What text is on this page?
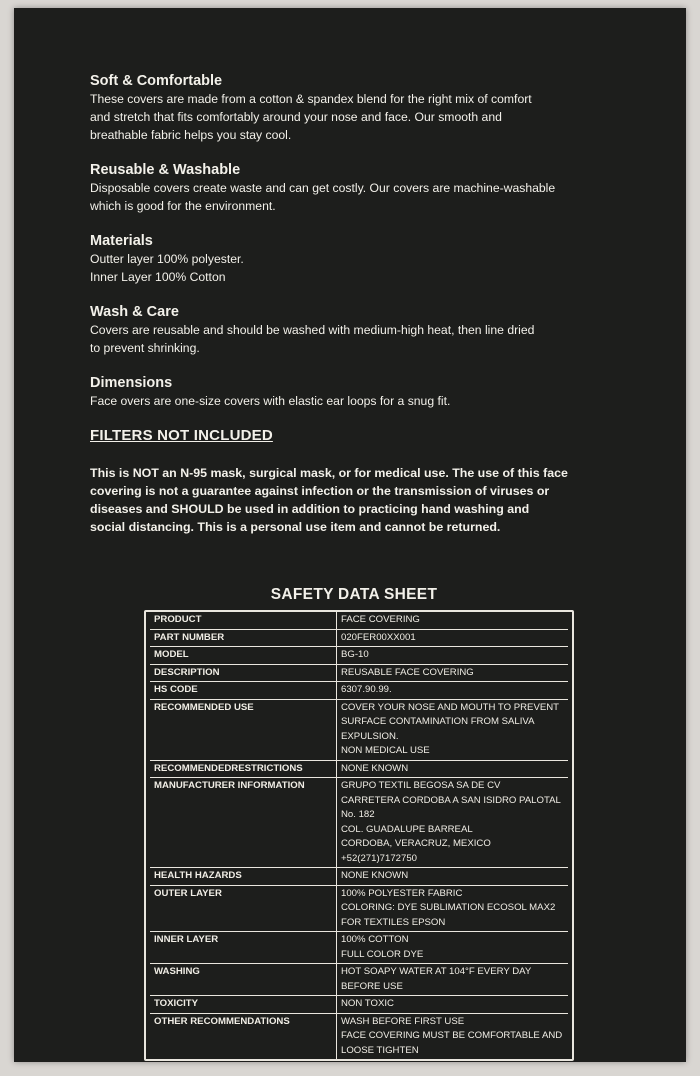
Soft & Comfortable

These covers are made from a cotton & spandex blend for the right mix of comfort
and stretch that fits comfortably around your nose and face. Our smooth and
breathable fabric helps you stay cool.

Reusable & Washable

Disposable covers create waste and can get costly. Our covers are machine-washable
which is good for the environment.

Materials

Outter layer 100% polyester.
Inner Layer 100% Cotton

Wash & Care

Covers are reusable and should be washed with medium-high heat, then line dried
to prevent shrinking.

Dimensions

Face overs are one-size covers with elastic ear loops for a snug fit.

FILTERS NOT INCLUDED
This is NOT an N-95 mask, surgical mask, or for medical use. The use of this face
covering is not a guarantee against infection or the transmission of viruses or
diseases and SHOULD be used in addition to practicing hand washing and
social distancing. This is a personal use item and cannot be returned.
SAFETY DATA SHEET
PRODUCT	FACE COVERING
PART NUMBER	020FER00XX001
MODEL	BG-10
DESCRIPTION	REUSABLE FACE COVERING
HS CODE	6307.90.99.
RECOMMENDED USE	COVER YOUR NOSE AND MOUTH TO PREVENT
SURFACE CONTAMINATION FROM SALIVA
EXPULSION.
NON MEDICAL USE
RECOMMENDEDRESTRICTIONS	NONE KNOWN
MANUFACTURER INFORMATION	GRUPO TEXTIL BEGOSA SA DE CV
CARRETERA CORDOBA A SAN ISIDRO PALOTAL
No. 182
COL. GUADALUPE BARREAL
CORDOBA, VERACRUZ, MEXICO
+52(271)7172750
HEALTH HAZARDS	NONE KNOWN
OUTER LAYER	100% POLYESTER FABRIC
COLORING: DYE SUBLIMATION ECOSOL MAX2
FOR TEXTILES EPSON
INNER LAYER	100% COTTON
FULL COLOR DYE
WASHING	HOT SOAPY WATER AT 104°F EVERY DAY
BEFORE USE
TOXICITY	NON TOXIC
OTHER RECOMMENDATIONS	WASH BEFORE FIRST USE
FACE COVERING MUST BE COMFORTABLE AND
LOOSE TIGHTEN
